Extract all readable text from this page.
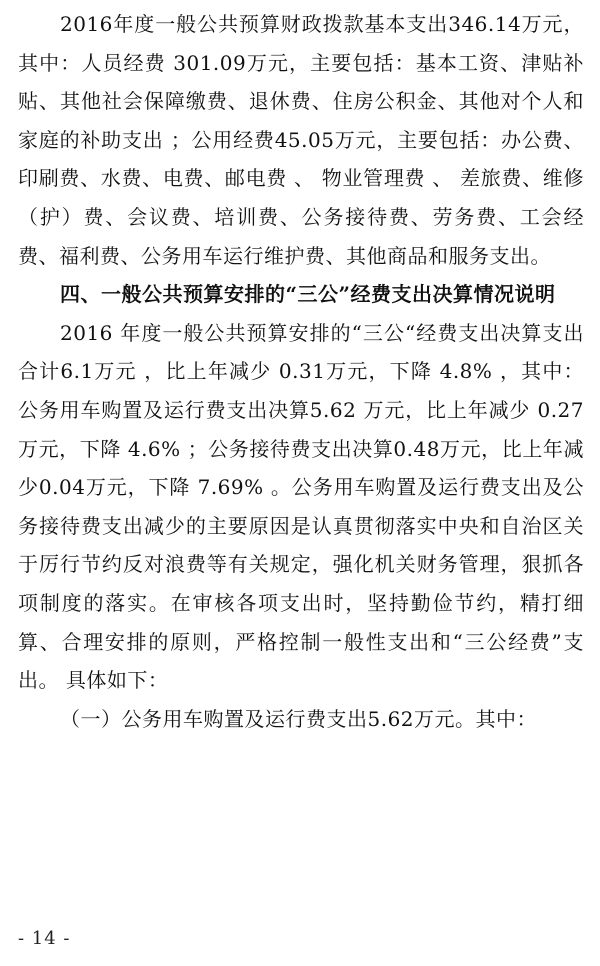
2016年度一般公共预算财政拨款基本支出346.14万元，其中：人员经费 301.09万元，主要包括：基本工资、津贴补贴、其他社会保障缴费、退休费、住房公积金、其他对个人和家庭的补助支出 ；公用经费45.05万元，主要包括：办公费、印刷费、水费、电费、邮电费 、 物业管理费 、 差旅费、维修（护）费、会议费、培训费、公务接待费、劳务费、工会经费、福利费、公务用车运行维护费、其他商品和服务支出。

四、一般公共预算安排的“三公”经费支出决算情况说明

2016 年度一般公共预算安排的“三公“经费支出决算支出合计6.1万元 ，比上年减少 0.31万元，下降 4.8% ，其中：公务用车购置及运行费支出决算5.62 万元，比上年减少 0.27万元，下降 4.6% ；公务接待费支出决算0.48万元，比上年减少0.04万元，下降 7.69% 。公务用车购置及运行费支出及公务接待费支出减少的主要原因是认真贯彻落实中央和自治区关于厉行节约反对浪费等有关规定，强化机关财务管理，狠抓各项制度的落实。在审核各项支出时，坚持勤俭节约，精打细算、合理安排的原则，严格控制一般性支出和“三公经费”支出。 具体如下：

（一）公务用车购置及运行费支出5.62万元。其中：

- 14 -
